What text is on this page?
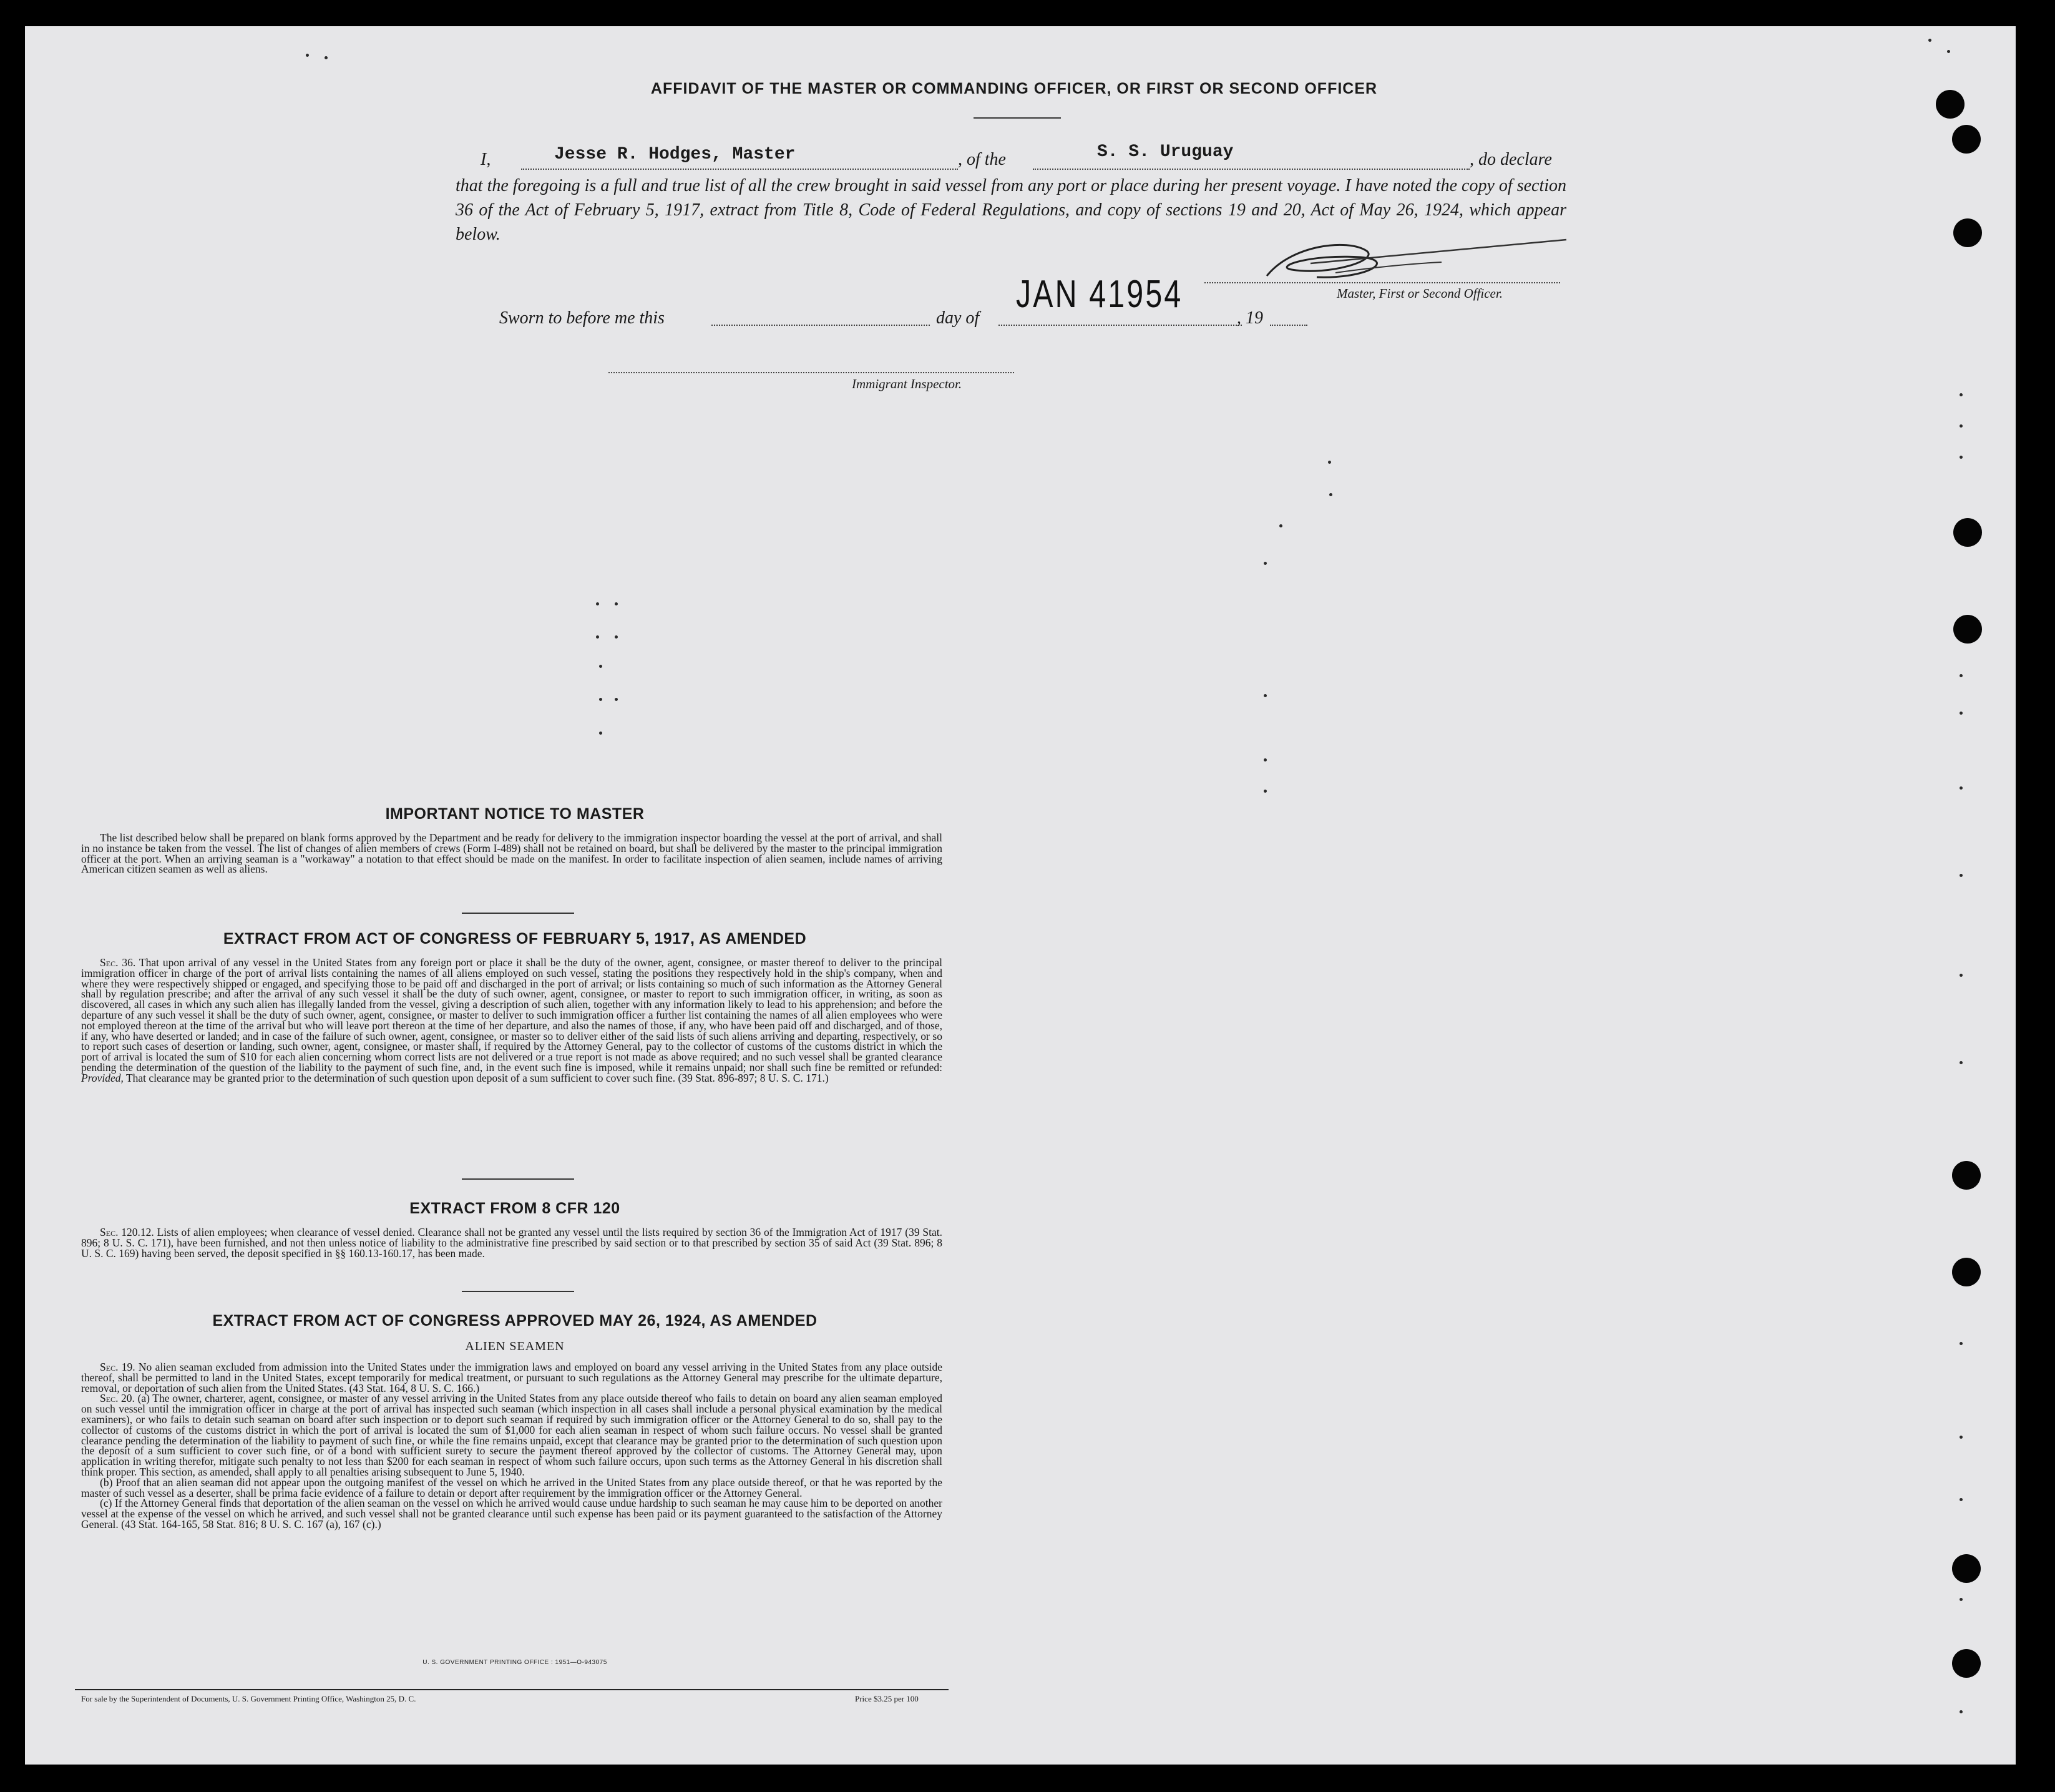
AFFIDAVIT OF THE MASTER OR COMMANDING OFFICER, OR FIRST OR SECOND OFFICER
I,	Jesse R. Hodges, Master	, of the	S. S. Uruguay	, do declare
that the foregoing is a full and true list of all the crew brought in said vessel from any port or place during her present voyage. I have noted the copy of section 36 of the Act of February 5, 1917, extract from Title 8, Code of Federal Regulations, and copy of sections 19 and 20, Act of May 26, 1924, which appear below.
Master, First or Second Officer.
Sworn to before me this	day of
JAN 41954
, 19
Immigrant Inspector.
IMPORTANT NOTICE TO MASTER

The list described below shall be prepared on blank forms approved by the Department and be ready for delivery to the immigration inspector boarding the vessel at the port of arrival, and shall in no instance be taken from the vessel. The list of changes of alien members of crews (Form I-489) shall not be retained on board, but shall be delivered by the master to the principal immigration officer at the port. When an arriving seaman is a "workaway" a notation to that effect should be made on the manifest. In order to facilitate inspection of alien seamen, include names of arriving American citizen seamen as well as aliens.

EXTRACT FROM ACT OF CONGRESS OF FEBRUARY 5, 1917, AS AMENDED

Sec. 36. That upon arrival of any vessel in the United States from any foreign port or place it shall be the duty of the owner, agent, consignee, or master thereof to deliver to the principal immigration officer in charge of the port of arrival lists containing the names of all aliens employed on such vessel, stating the positions they respectively hold in the ship's company, when and where they were respectively shipped or engaged, and specifying those to be paid off and discharged in the port of arrival; or lists containing so much of such information as the Attorney General shall by regulation prescribe; and after the arrival of any such vessel it shall be the duty of such owner, agent, consignee, or master to report to such immigration officer, in writing, as soon as discovered, all cases in which any such alien has illegally landed from the vessel, giving a description of such alien, together with any information likely to lead to his apprehension; and before the departure of any such vessel it shall be the duty of such owner, agent, consignee, or master to deliver to such immigration officer a further list containing the names of all alien employees who were not employed thereon at the time of the arrival but who will leave port thereon at the time of her departure, and also the names of those, if any, who have been paid off and discharged, and of those, if any, who have deserted or landed; and in case of the failure of such owner, agent, consignee, or master so to deliver either of the said lists of such aliens arriving and departing, respectively, or so to report such cases of desertion or landing, such owner, agent, consignee, or master shall, if required by the Attorney General, pay to the collector of customs of the customs district in which the port of arrival is located the sum of $10 for each alien concerning whom correct lists are not delivered or a true report is not made as above required; and no such vessel shall be granted clearance pending the determination of the question of the liability to the payment of such fine, and, in the event such fine is imposed, while it remains unpaid; nor shall such fine be remitted or refunded: Provided, That clearance may be granted prior to the determination of such question upon deposit of a sum sufficient to cover such fine. (39 Stat. 896-897; 8 U. S. C. 171.)

EXTRACT FROM 8 CFR 120

Sec. 120.12. Lists of alien employees; when clearance of vessel denied. Clearance shall not be granted any vessel until the lists required by section 36 of the Immigration Act of 1917 (39 Stat. 896; 8 U. S. C. 171), have been furnished, and not then unless notice of liability to the administrative fine prescribed by said section or to that prescribed by section 35 of said Act (39 Stat. 896; 8 U. S. C. 169) having been served, the deposit specified in §§ 160.13-160.17, has been made.

EXTRACT FROM ACT OF CONGRESS APPROVED MAY 26, 1924, AS AMENDED
ALIEN SEAMEN

Sec. 19. No alien seaman excluded from admission into the United States under the immigration laws and employed on board any vessel arriving in the United States from any place outside thereof, shall be permitted to land in the United States, except temporarily for medical treatment, or pursuant to such regulations as the Attorney General may prescribe for the ultimate departure, removal, or deportation of such alien from the United States. (43 Stat. 164, 8 U. S. C. 166.)

Sec. 20. (a) The owner, charterer, agent, consignee, or master of any vessel arriving in the United States from any place outside thereof who fails to detain on board any alien seaman employed on such vessel until the immigration officer in charge at the port of arrival has inspected such seaman (which inspection in all cases shall include a personal physical examination by the medical examiners), or who fails to detain such seaman on board after such inspection or to deport such seaman if required by such immigration officer or the Attorney General to do so, shall pay to the collector of customs of the customs district in which the port of arrival is located the sum of $1,000 for each alien seaman in respect of whom such failure occurs. No vessel shall be granted clearance pending the determination of the liability to payment of such fine, or while the fine remains unpaid, except that clearance may be granted prior to the determination of such question upon the deposit of a sum sufficient to cover such fine, or of a bond with sufficient surety to secure the payment thereof approved by the collector of customs. The Attorney General may, upon application in writing therefor, mitigate such penalty to not less than $200 for each seaman in respect of whom such failure occurs, upon such terms as the Attorney General in his discretion shall think proper. This section, as amended, shall apply to all penalties arising subsequent to June 5, 1940.

(b) Proof that an alien seaman did not appear upon the outgoing manifest of the vessel on which he arrived in the United States from any place outside thereof, or that he was reported by the master of such vessel as a deserter, shall be prima facie evidence of a failure to detain or deport after requirement by the immigration officer or the Attorney General.

(c) If the Attorney General finds that deportation of the alien seaman on the vessel on which he arrived would cause undue hardship to such seaman he may cause him to be deported on another vessel at the expense of the vessel on which he arrived, and such vessel shall not be granted clearance until such expense has been paid or its payment guaranteed to the satisfaction of the Attorney General. (43 Stat. 164-165, 58 Stat. 816; 8 U. S. C. 167 (a), 167 (c).)

U. S. GOVERNMENT PRINTING OFFICE : 1951—O-943075
For sale by the Superintendent of Documents, U. S. Government Printing Office, Washington 25, D. C.	Price $3.25 per 100
